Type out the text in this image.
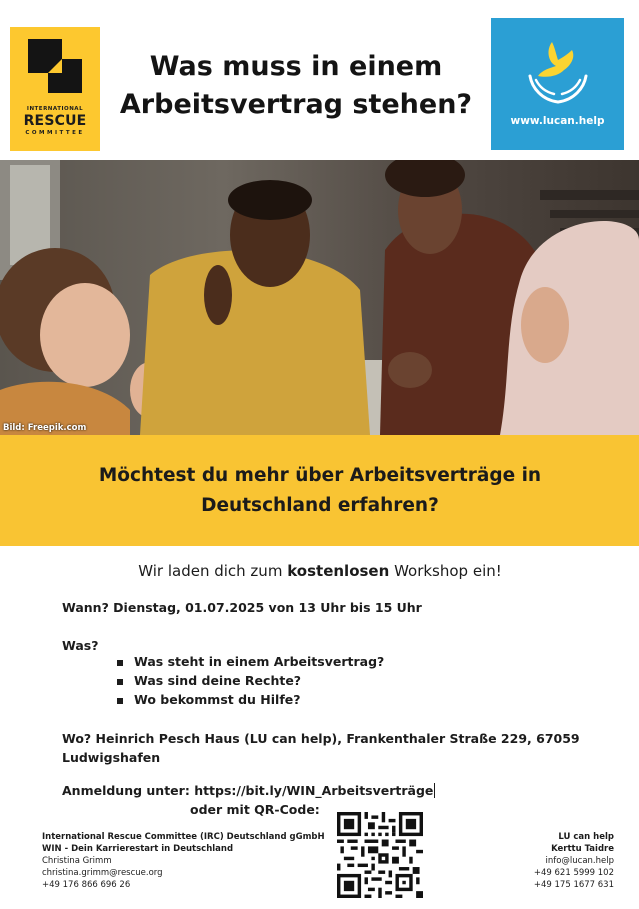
INTERNATIONAL
RESCUE
COMMITTEE
Was muss in einem
Arbeitsvertrag stehen?
www.lucan.help
Bild: Freepik.com
Möchtest du mehr über Arbeitsverträge in
Deutschland erfahren?
Wir laden dich zum kostenlosen Workshop ein!
Wann? Dienstag, 01.07.2025 von 13 Uhr bis 15 Uhr
Was?
Was steht in einem Arbeitsvertrag?
Was sind deine Rechte?
Wo bekommst du Hilfe?
Wo? Heinrich Pesch Haus (LU can help), Frankenthaler Straße 229, 67059
Ludwigshafen
Anmeldung unter: https://bit.ly/WIN_Arbeitsverträge
oder mit QR-Code:
International Rescue Committee (IRC) Deutschland gGmbH
WIN - Dein Karrierestart in Deutschland
Christina Grimm
christina.grimm@rescue.org
+49 176 866 696 26
LU can help
Kerttu Taidre
info@lucan.help
+49 621 5999 102
+49 175 1677 631
